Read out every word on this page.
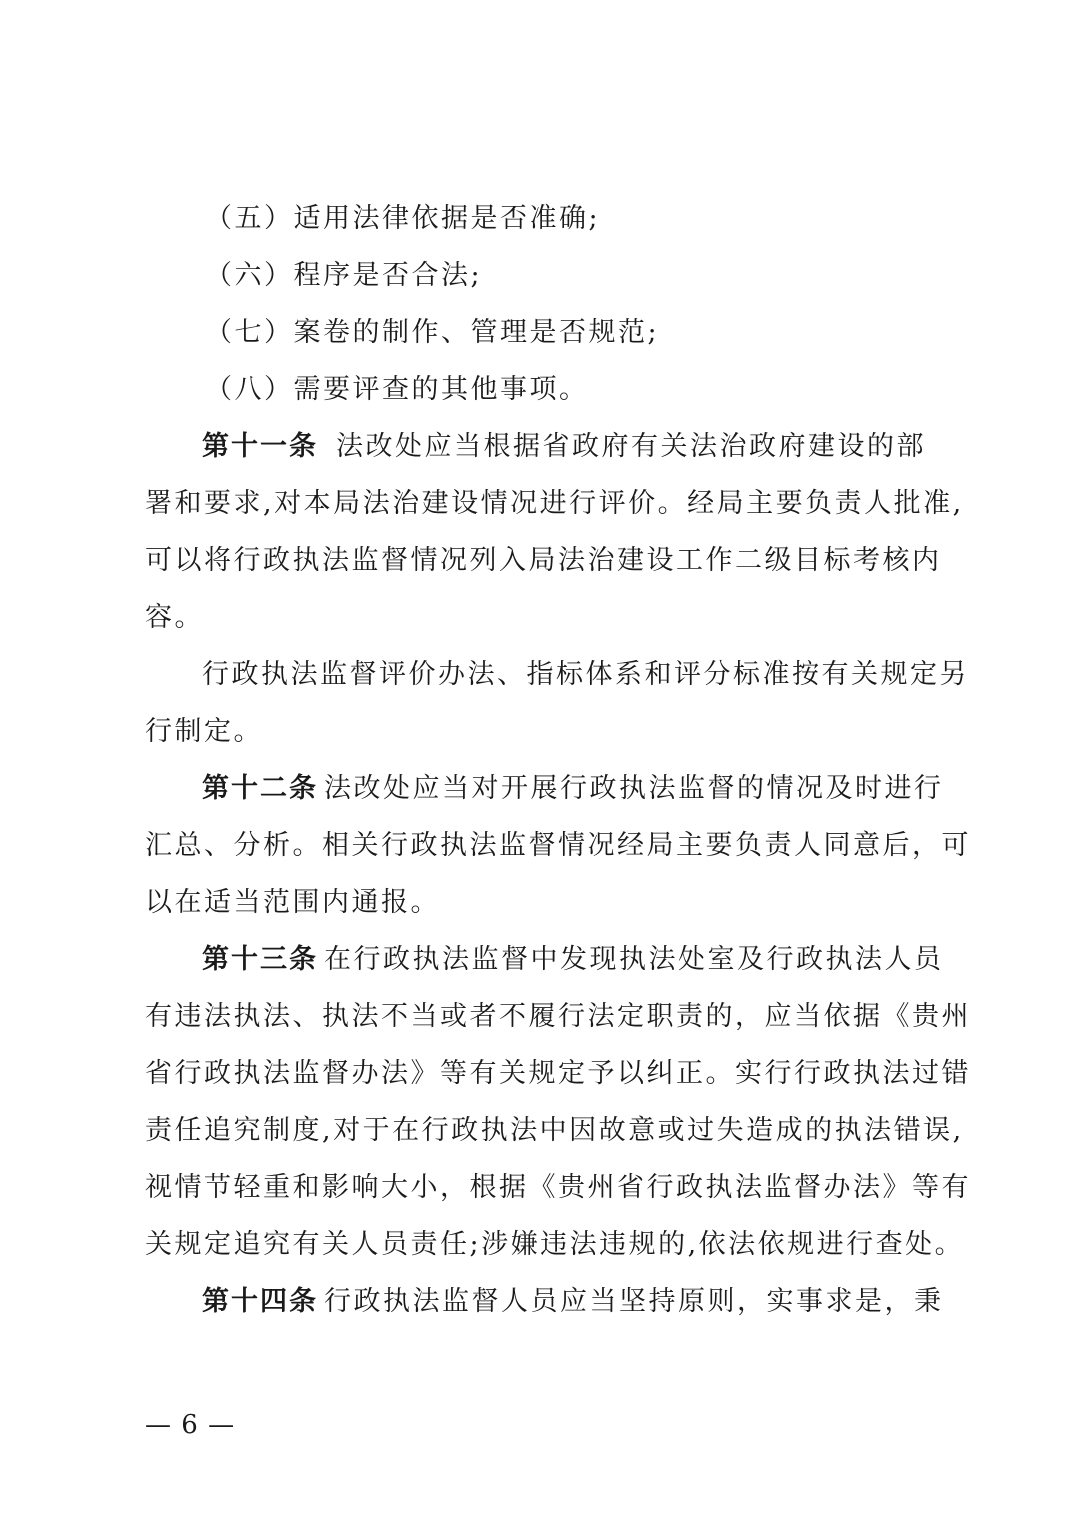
（五）适用法律依据是否准确;
（六）程序是否合法;
（七）案卷的制作、管理是否规范;
（八）需要评查的其他事项。
第十一条 法改处应当根据省政府有关法治政府建设的部
署和要求,对本局法治建设情况进行评价。经局主要负责人批准,
可以将行政执法监督情况列入局法治建设工作二级目标考核内
容。
行政执法监督评价办法、指标体系和评分标准按有关规定另
行制定。
第十二条 法改处应当对开展行政执法监督的情况及时进行
汇总、分析。相关行政执法监督情况经局主要负责人同意后，可
以在适当范围内通报。
第十三条 在行政执法监督中发现执法处室及行政执法人员
有违法执法、执法不当或者不履行法定职责的，应当依据《贵州
省行政执法监督办法》等有关规定予以纠正。实行行政执法过错
责任追究制度,对于在行政执法中因故意或过失造成的执法错误,
视情节轻重和影响大小，根据《贵州省行政执法监督办法》等有
关规定追究有关人员责任;涉嫌违法违规的,依法依规进行查处。
第十四条 行政执法监督人员应当坚持原则，实事求是，秉
— 6 —
